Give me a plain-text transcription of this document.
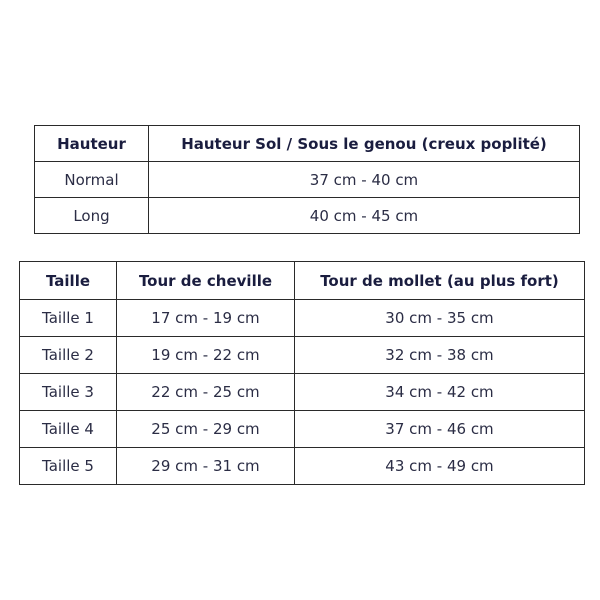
Hauteur	Hauteur Sol / Sous le genou (creux poplité)
Normal	37 cm - 40 cm
Long	40 cm - 45 cm
Taille	Tour de cheville	Tour de mollet (au plus fort)
Taille 1	17 cm - 19 cm	30 cm - 35 cm
Taille 2	19 cm - 22 cm	32 cm - 38 cm
Taille 3	22 cm - 25 cm	34 cm - 42 cm
Taille 4	25 cm - 29 cm	37 cm - 46 cm
Taille 5	29 cm - 31 cm	43 cm - 49 cm
